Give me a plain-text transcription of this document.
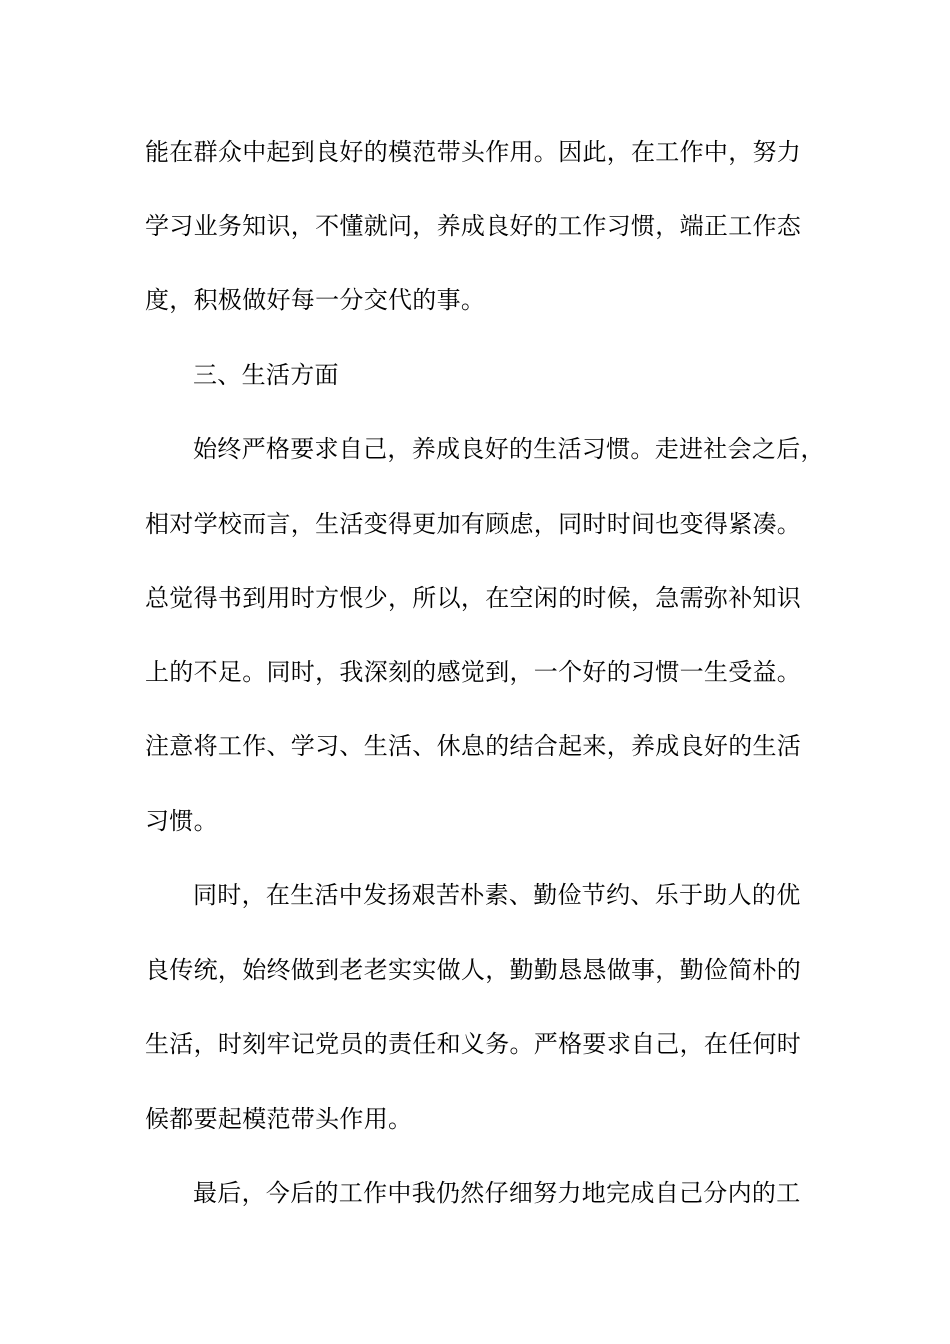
能在群众中起到良好的模范带头作用。因此，在工作中，努力
学习业务知识，不懂就问，养成良好的工作习惯，端正工作态
度，积极做好每一分交代的事。
三、生活方面
始终严格要求自己，养成良好的生活习惯。走进社会之后，
相对学校而言，生活变得更加有顾虑，同时时间也变得紧凑。
总觉得书到用时方恨少，所以，在空闲的时候，急需弥补知识
上的不足。同时，我深刻的感觉到，一个好的习惯一生受益。
注意将工作、学习、生活、休息的结合起来，养成良好的生活
习惯。
同时，在生活中发扬艰苦朴素、勤俭节约、乐于助人的优
良传统，始终做到老老实实做人，勤勤恳恳做事，勤俭简朴的
生活，时刻牢记党员的责任和义务。严格要求自己，在任何时
候都要起模范带头作用。
最后，今后的工作中我仍然仔细努力地完成自己分内的工
